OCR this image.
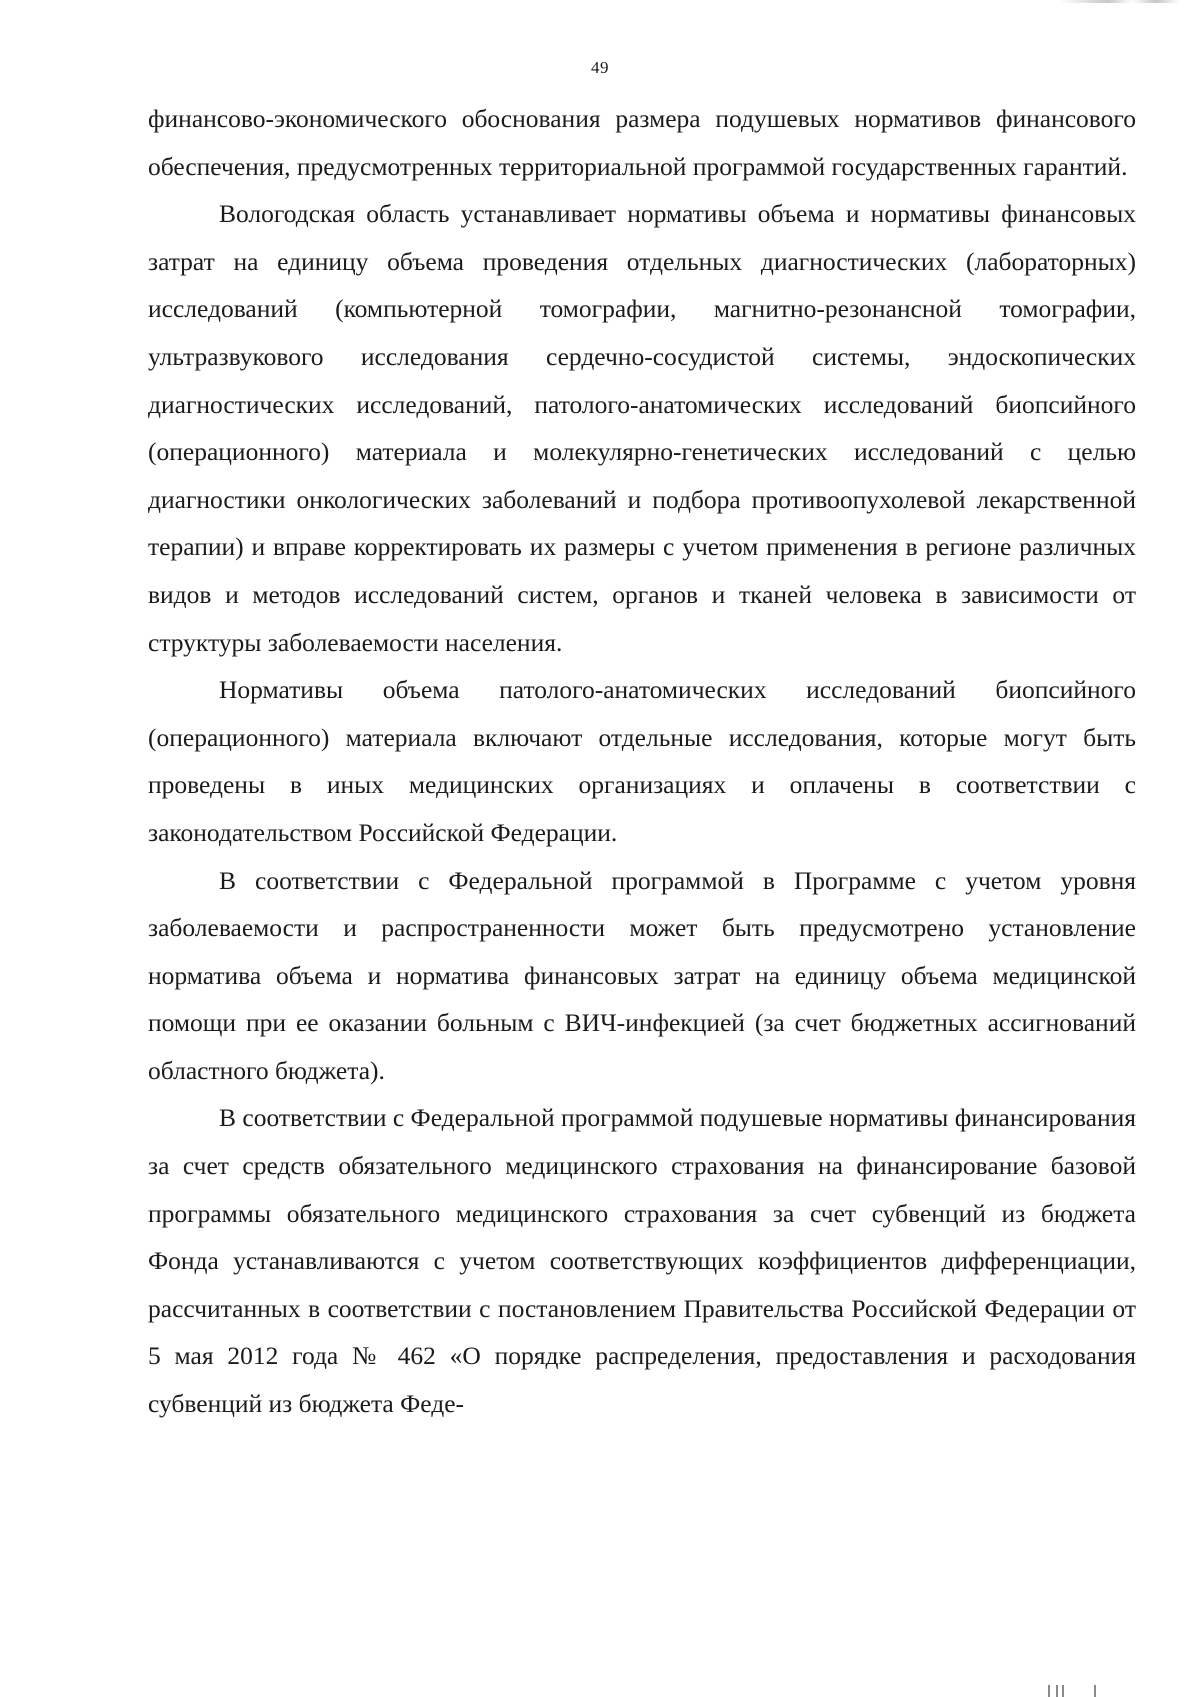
49

финансово-экономического обоснования размера подушевых нормативов финансового обеспечения, предусмотренных территориальной программой государственных гарантий.

Вологодская область устанавливает нормативы объема и нормативы финансовых затрат на единицу объема проведения отдельных диагностических (лабораторных) исследований (компьютерной томографии, магнитно-резонансной томографии, ультразвукового исследования сердечно-сосудистой системы, эндоскопических диагностических исследований, патолого-анатомических исследований биопсийного (операционного) материала и молекулярно-генетических исследований с целью диагностики онкологических заболеваний и подбора противоопухолевой лекарственной терапии) и вправе корректировать их размеры с учетом применения в регионе различных видов и методов исследований систем, органов и тканей человека в зависимости от структуры заболеваемости населения.

Нормативы объема патолого-анатомических исследований биопсийного (операционного) материала включают отдельные исследования, которые могут быть проведены в иных медицинских организациях и оплачены в соответствии с законодательством Российской Федерации.

В соответствии с Федеральной программой в Программе с учетом уровня заболеваемости и распространенности может быть предусмотрено установление норматива объема и норматива финансовых затрат на единицу объема медицинской помощи при ее оказании больным с ВИЧ-инфекцией (за счет бюджетных ассигнований областного бюджета).

В соответствии с Федеральной программой подушевые нормативы финансирования за счет средств обязательного медицинского страхования на финансирование базовой программы обязательного медицинского страхования за счет субвенций из бюджета Фонда устанавливаются с учетом соответствующих коэффициентов дифференциации, рассчитанных в соответствии с постановлением Правительства Российской Федерации от 5 мая 2012 года № 462 «О порядке распределения, предоставления и расходования субвенций из бюджета Феде-
